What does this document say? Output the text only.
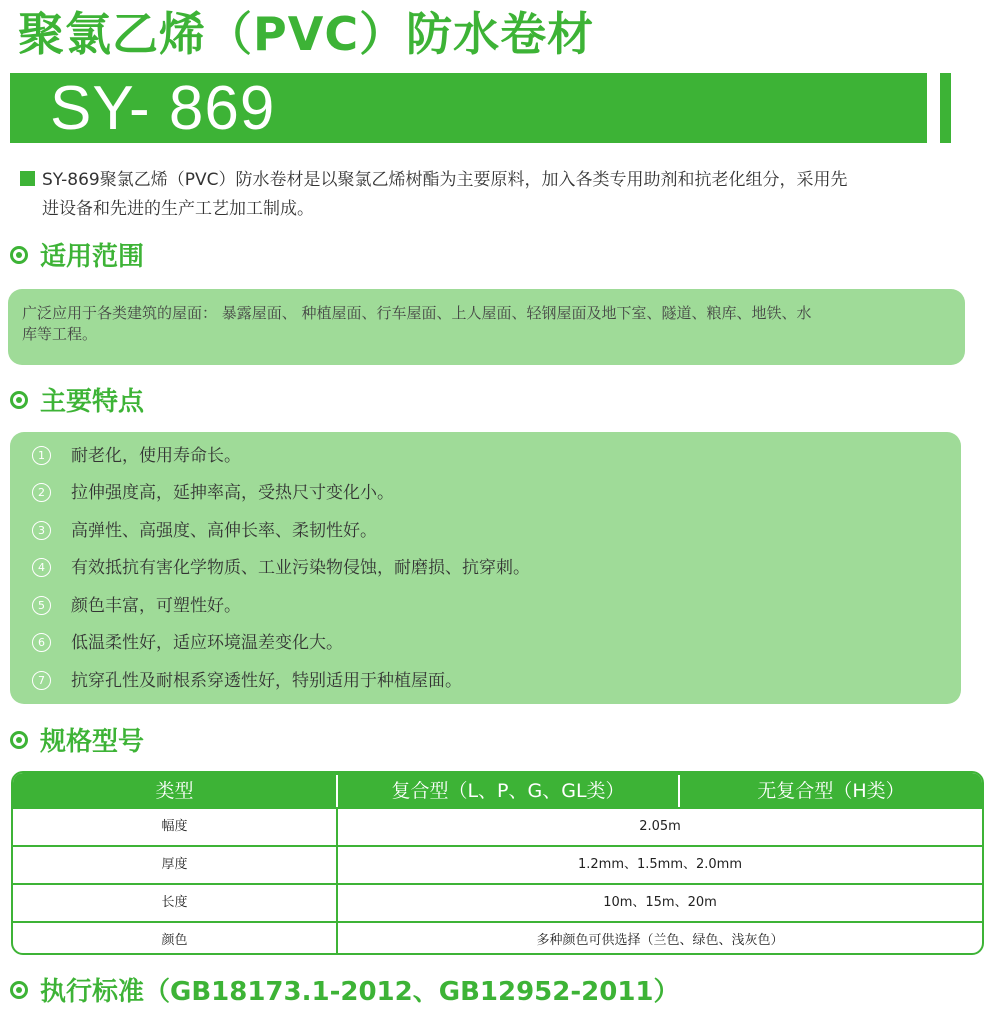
聚氯乙烯（PVC）防水卷材
SY- 869
SY-869聚氯乙烯（PVC）防水卷材是以聚氯乙烯树酯为主要原料，加入各类专用助剂和抗老化组分，采用先
进设备和先进的生产工艺加工制成。
适用范围
广泛应用于各类建筑的屋面： 暴露屋面、 种植屋面、行车屋面、上人屋面、轻钢屋面及地下室、隧道、粮库、地铁、水
库等工程。
主要特点
1 耐老化，使用寿命长。
2 拉伸强度高，延抻率高，受热尺寸变化小。
3 高弹性、高强度、高伸长率、柔韧性好。
4 有效抵抗有害化学物质、工业污染物侵蚀，耐磨损、抗穿刺。
5 颜色丰富，可塑性好。
6 低温柔性好，适应环境温差变化大。
7 抗穿孔性及耐根系穿透性好，特别适用于种植屋面。
规格型号
类型	复合型（L、P、G、GL类）	无复合型（H类）
幅度	2.05m
厚度	1.2mm、1.5mm、2.0mm
长度	10m、15m、20m
颜色	多种颜色可供选择（兰色、绿色、浅灰色）
执行标准（GB18173.1-2012、GB12952-2011）
